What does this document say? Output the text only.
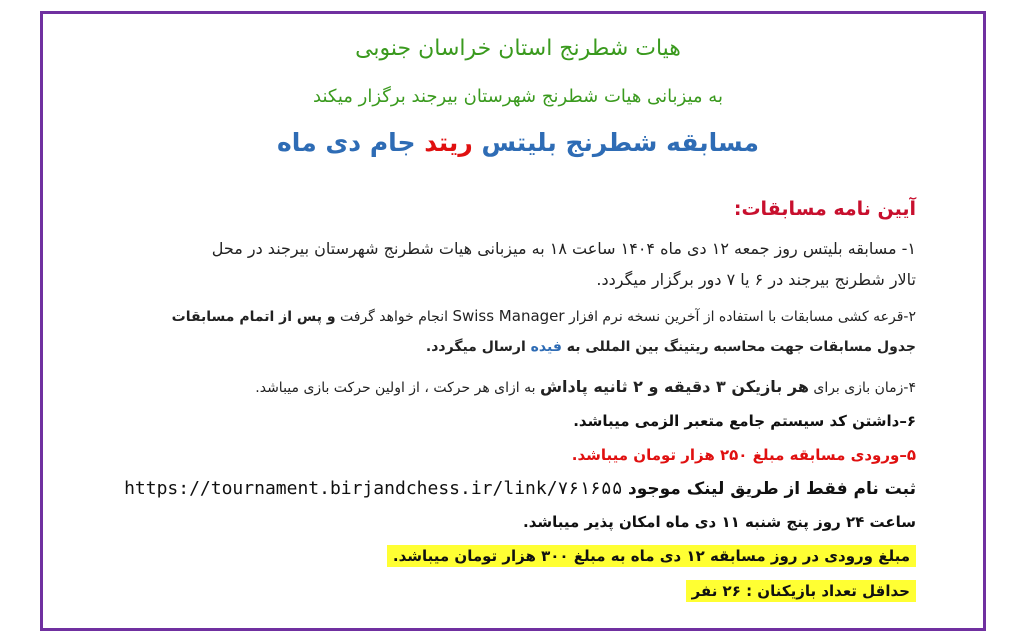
هیات شطرنج استان خراسان جنوبی
به میزبانی هیات شطرنج شهرستان بیرجند برگزار میکند
مسابقه شطرنج بلیتس ریتد جام دی ماه
آیین نامه مسابقات:
۱- مسابقه بلیتس روز جمعه ۱۲ دی ماه ۱۴۰۴ ساعت ۱۸ به میزبانی هیات شطرنج شهرستان بیرجند در محل
تالار شطرنج بیرجند در ۶ یا ۷ دور برگزار میگردد.
۲-قرعه کشی مسابقات با استفاده از آخرین نسخه نرم افزار Swiss Manager انجام خواهد گرفت و پس از اتمام مسابقات
جدول مسابقات جهت محاسبه ریتینگ بین المللی به فیده ارسال میگردد.
۴-زمان بازی برای هر بازیکن ۳ دقیقه و ۲ ثانیه پاداش به ازای هر حرکت ، از اولین حرکت بازی میباشد.
۶–داشتن کد سیستم جامع متعبر الزمی میباشد.
۵–ورودی مسابقه مبلغ ۲۵۰ هزار تومان میباشد.
ثبت نام فقط از طریق لینک موجود https://tournament.birjandchess.ir/link/۷۶۱۶۵۵
ساعت ۲۴ روز پنج شنبه ۱۱ دی ماه امکان پذیر میباشد.
مبلغ ورودی در روز مسابقه ۱۲ دی ماه به مبلغ ۳۰۰ هزار تومان میباشد.
حداقل تعداد بازیکنان : ۲۶ نفر
